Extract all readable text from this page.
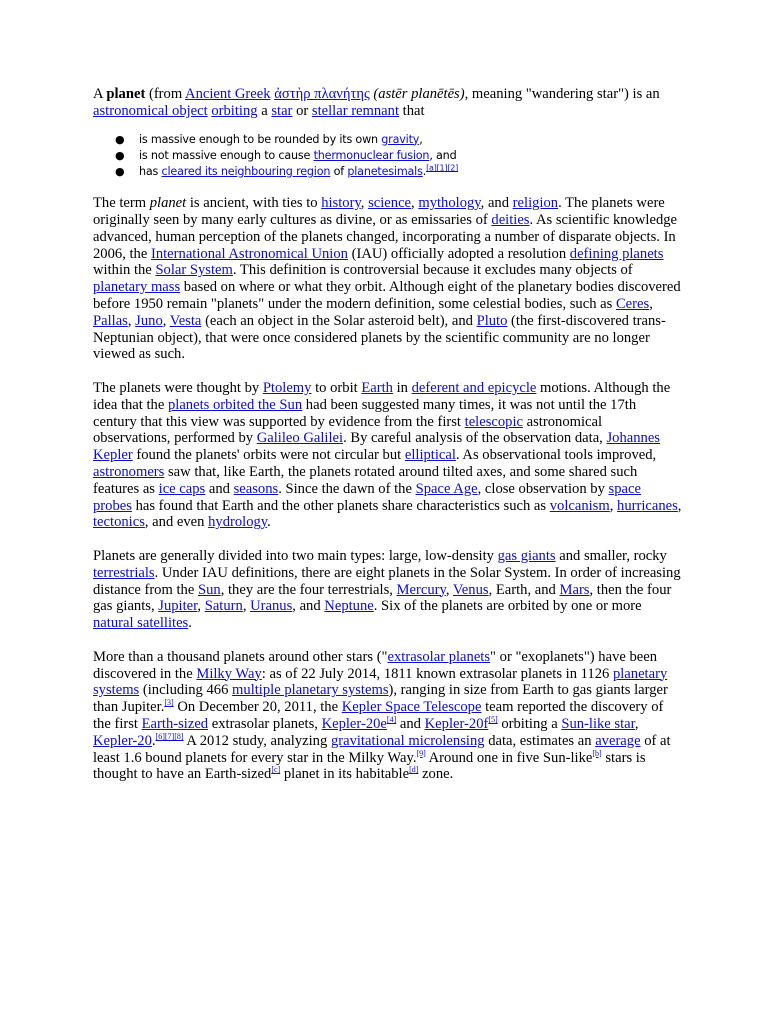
A planet (from Ancient Greek ἀστὴρ πλανήτης (astēr planētēs), meaning "wandering star") is an astronomical object orbiting a star or stellar remnant that

● is massive enough to be rounded by its own gravity,
● is not massive enough to cause thermonuclear fusion, and
● has cleared its neighbouring region of planetesimals.[a][1][2]

The term planet is ancient, with ties to history, science, mythology, and religion. The planets were originally seen by many early cultures as divine, or as emissaries of deities. As scientific knowledge advanced, human perception of the planets changed, incorporating a number of disparate objects. In 2006, the International Astronomical Union (IAU) officially adopted a resolution defining planets within the Solar System. This definition is controversial because it excludes many objects of planetary mass based on where or what they orbit. Although eight of the planetary bodies discovered before 1950 remain "planets" under the modern definition, some celestial bodies, such as Ceres, Pallas, Juno, Vesta (each an object in the Solar asteroid belt), and Pluto (the first-discovered trans-Neptunian object), that were once considered planets by the scientific community are no longer viewed as such.

The planets were thought by Ptolemy to orbit Earth in deferent and epicycle motions. Although the idea that the planets orbited the Sun had been suggested many times, it was not until the 17th century that this view was supported by evidence from the first telescopic astronomical observations, performed by Galileo Galilei. By careful analysis of the observation data, Johannes Kepler found the planets' orbits were not circular but elliptical. As observational tools improved, astronomers saw that, like Earth, the planets rotated around tilted axes, and some shared such features as ice caps and seasons. Since the dawn of the Space Age, close observation by space probes has found that Earth and the other planets share characteristics such as volcanism, hurricanes, tectonics, and even hydrology.

Planets are generally divided into two main types: large, low-density gas giants and smaller, rocky terrestrials. Under IAU definitions, there are eight planets in the Solar System. In order of increasing distance from the Sun, they are the four terrestrials, Mercury, Venus, Earth, and Mars, then the four gas giants, Jupiter, Saturn, Uranus, and Neptune. Six of the planets are orbited by one or more natural satellites.

More than a thousand planets around other stars ("extrasolar planets" or "exoplanets") have been discovered in the Milky Way: as of 22 July 2014, 1811 known extrasolar planets in 1126 planetary systems (including 466 multiple planetary systems), ranging in size from Earth to gas giants larger than Jupiter.[3] On December 20, 2011, the Kepler Space Telescope team reported the discovery of the first Earth-sized extrasolar planets, Kepler-20e[4] and Kepler-20f[5] orbiting a Sun-like star, Kepler-20.[6][7][8] A 2012 study, analyzing gravitational microlensing data, estimates an average of at least 1.6 bound planets for every star in the Milky Way.[9] Around one in five Sun-like[b] stars is thought to have an Earth-sized[c] planet in its habitable[d] zone.
